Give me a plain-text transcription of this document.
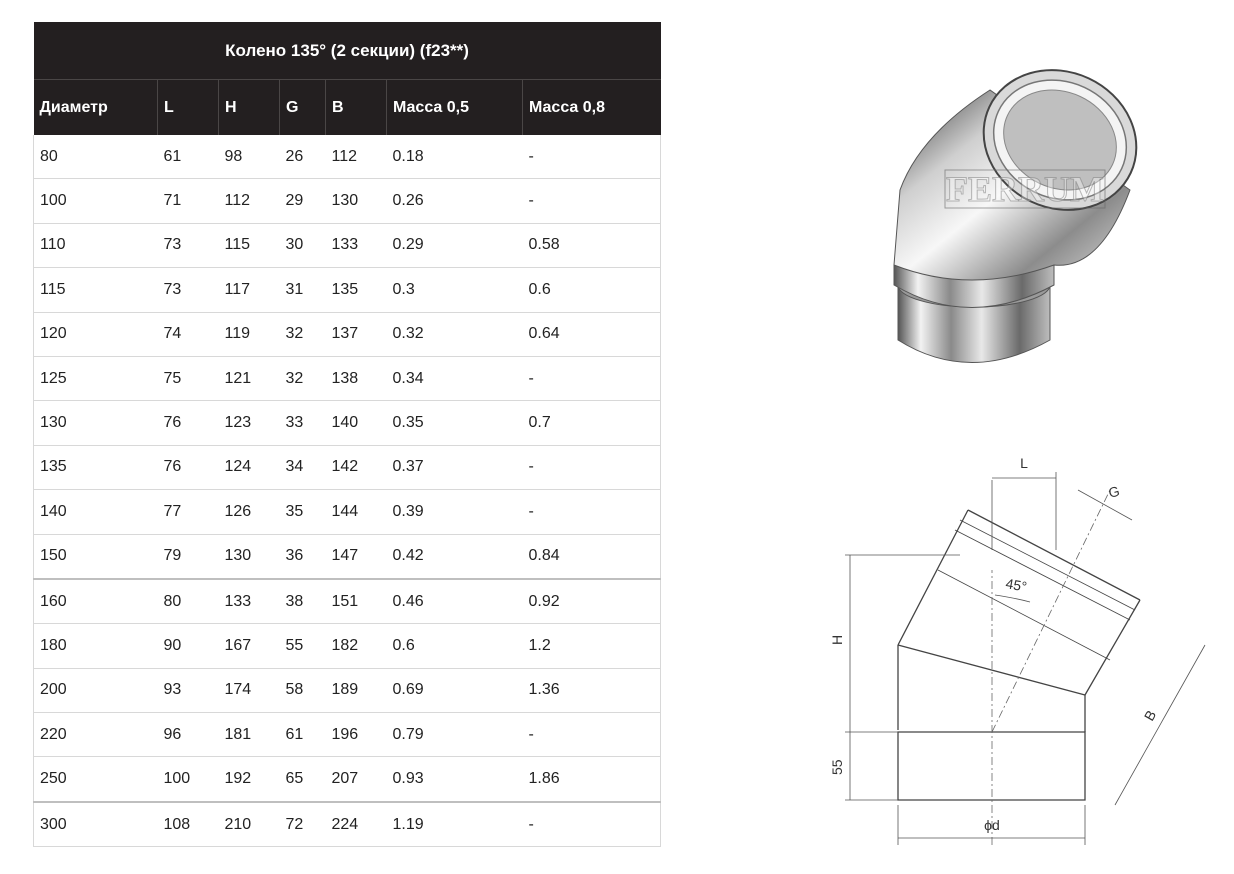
Колено 135° (2 секции) (f23**)						
Диаметр	L	H	G	B	Масса 0,5	Масса 0,8
80	61	98	26	112	0.18	-
100	71	112	29	130	0.26	-
110	73	115	30	133	0.29	0.58
115	73	117	31	135	0.3	0.6
120	74	119	32	137	0.32	0.64
125	75	121	32	138	0.34	-
130	76	123	33	140	0.35	0.7
135	76	124	34	142	0.37	-
140	77	126	35	144	0.39	-
150	79	130	36	147	0.42	0.84
160	80	133	38	151	0.46	0.92
180	90	167	55	182	0.6	1.2
200	93	174	58	189	0.69	1.36
220	96	181	61	196	0.79	-
250	100	192	65	207	0.93	1.86
300	108	210	72	224	1.19	-
FERRUM
L
G
45°
H
B
55
ϕd
